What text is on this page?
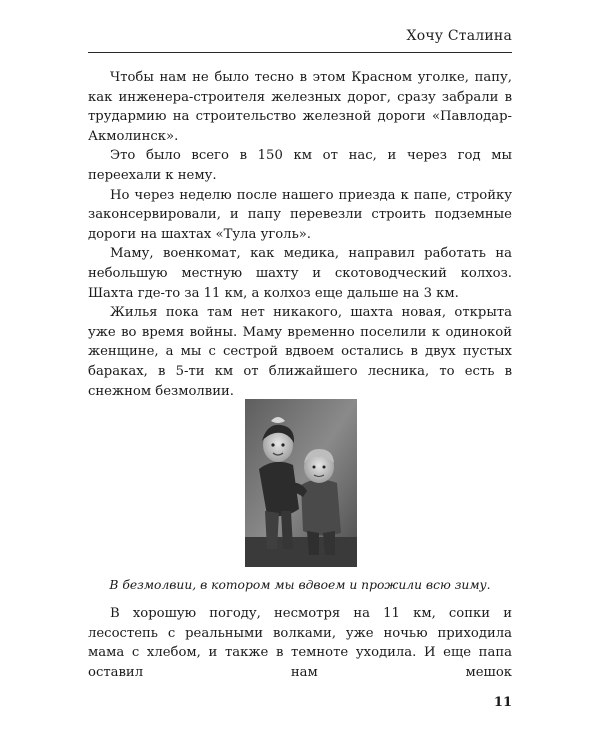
Хочу Сталина

Чтобы нам не было тесно в этом Красном уголке, папу, как инженера-строителя железных дорог, сразу забрали в трудармию на строительство железной дороги «Павлодар-Акмолинск».

Это было всего в 150 км от нас, и через год мы переехали к нему.

Но через неделю после нашего приезда к папе, стройку законсервировали, и папу перевезли строить подземные дороги на шахтах «Тула уголь».

Маму, военкомат, как медика, направил работать на небольшую местную шахту и скотоводческий колхоз. Шахта где-то за 11 км, а колхоз еще дальше на 3 км.

Жилья пока там нет никакого, шахта новая, открыта уже во время войны. Маму временно поселили к одинокой женщине, а мы с сестрой вдвоем остались в двух пустых бараках, в 5-ти км от ближайшего лесника, то есть в снежном безмолвии.

В безмолвии, в котором мы вдвоем и прожили всю зиму.

В хорошую погоду, несмотря на 11 км, сопки и лесостепь с реальными волками, уже ночью приходила мама с хлебом, и также в темноте уходила. И еще папа оставил нам мешок

11
